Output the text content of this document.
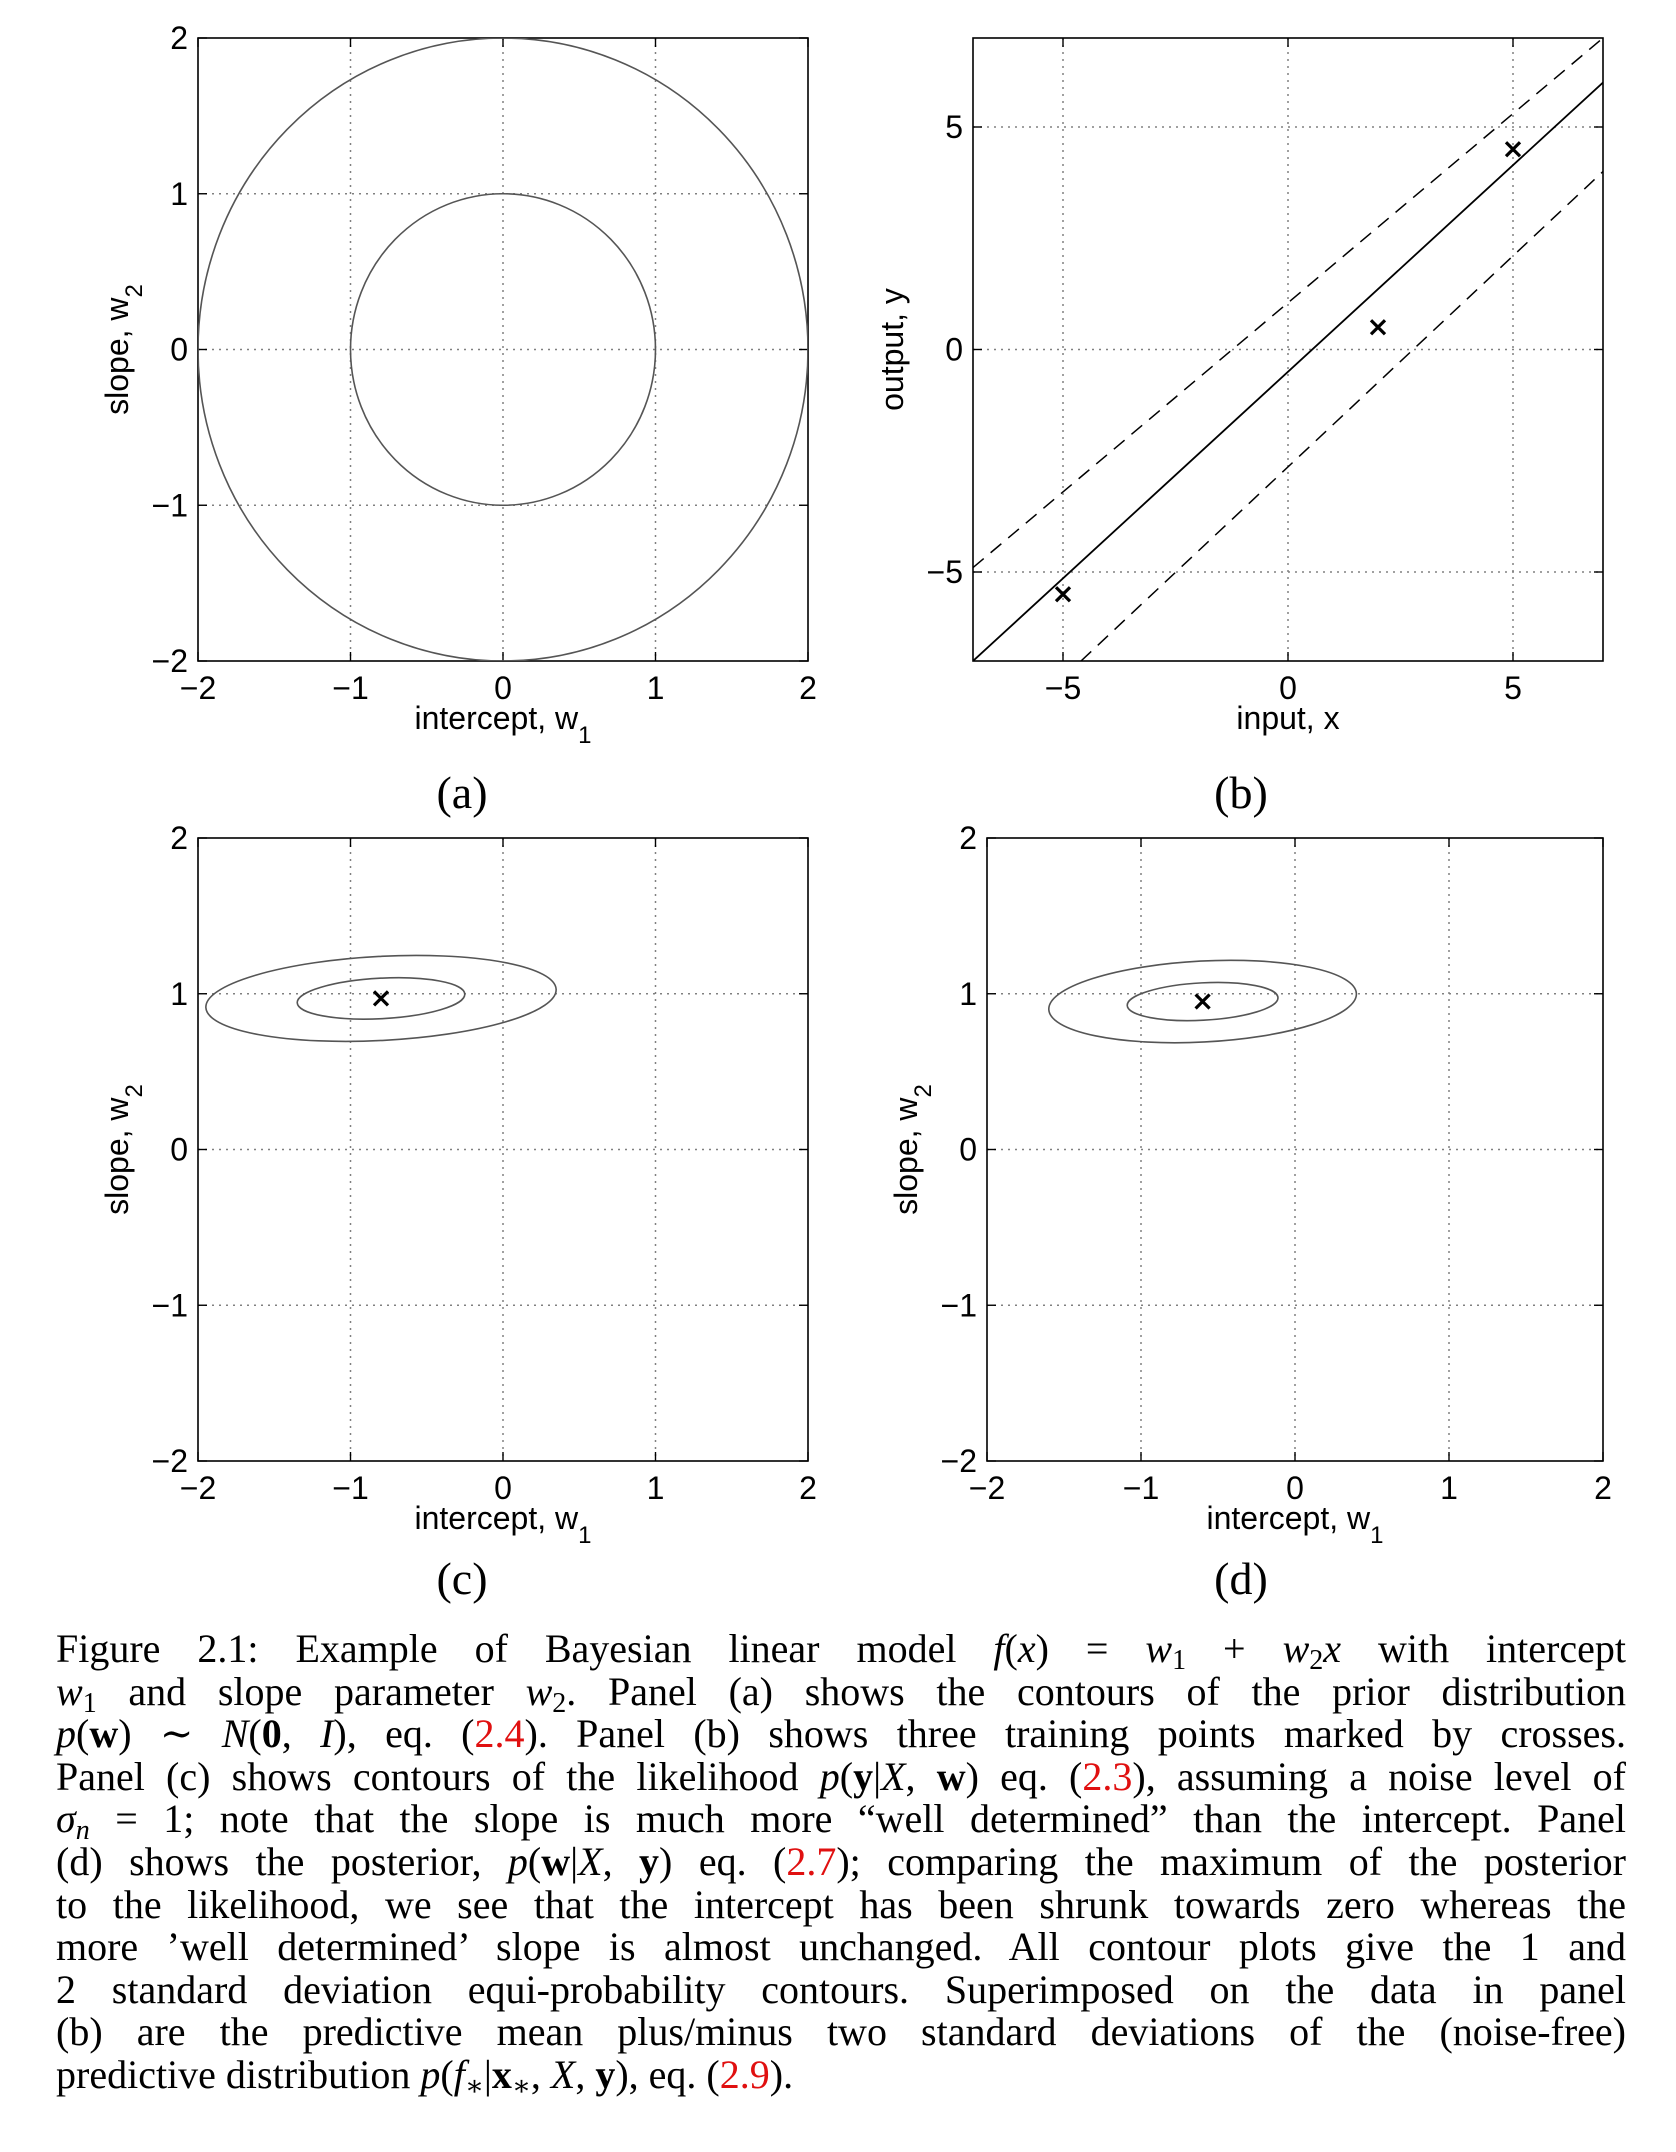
−2	−1	0	1	2
−2
−1
0
1
2
intercept, $w_1$
slope, $w_2$
(a)
−5	0	5
−5
0
5
input, x
output, y
(b)
−2	−1	0	1	2
−2
−1
0
1
2
intercept, $w_1$
slope, $w_2$
(c)
−2	−1	0	1	2
−2
−1
0
1
2
intercept, $w_1$
slope, $w_2$
(d)
Figure 2.1: Example of Bayesian linear model $f(x) = w_1 + w_2x$ with intercept
$w_1$ and slope parameter $w_2$. Panel (a) shows the contours of the prior distribution
p(w) ∼ N(0, I), eq. (2.4). Panel (b) shows three training points marked by crosses.
Panel (c) shows contours of the likelihood p(y|X, w) eq. (2.3), assuming a noise level of
$\sigma_n = 1$; note that the slope is much more “well determined” than the intercept. Panel
(d) shows the posterior, p(w|X, y) eq. (2.7); comparing the maximum of the posterior
to the likelihood, we see that the intercept has been shrunk towards zero whereas the
more ’well determined’ slope is almost unchanged. All contour plots give the 1 and
2 standard deviation equi-probability contours. Superimposed on the data in panel
(b) are the predictive mean plus/minus two standard deviations of the (noise-free)
predictive distribution $p(f_∗|x_∗$, X, y), eq. (2.9).
